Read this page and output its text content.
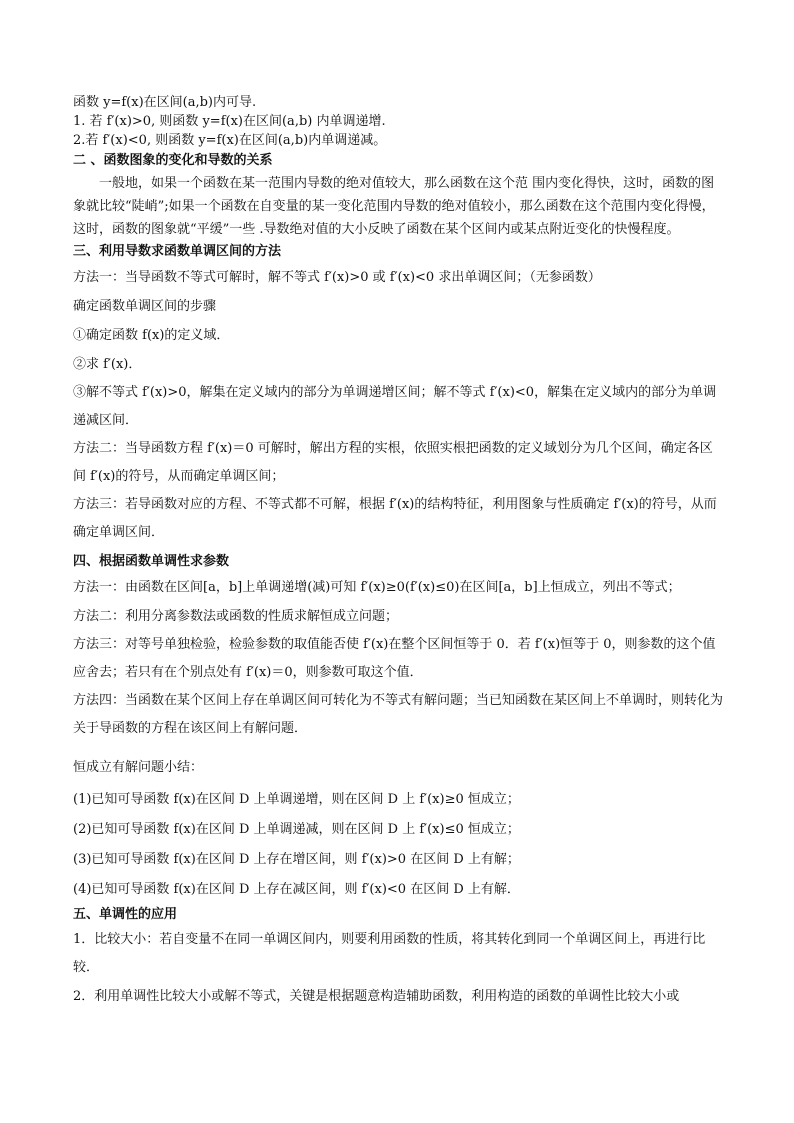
函数 y=f(x)在区间(a,b)内可导.

1. 若 f′(x)>0, 则函数 y=f(x)在区间(a,b) 内单调递增.

2.若 f′(x)<0, 则函数 y=f(x)在区间(a,b)内单调递减。

二 、函数图象的变化和导数的关系

一般地，如果一个函数在某一范围内导数的绝对值较大，那么函数在这个范 围内变化得快，这时，函数的图象就比较“陡峭”;如果一个函数在自变量的某一变化范围内导数的绝对值较小，那么函数在这个范围内变化得慢，这时，函数的图象就“平缓”一些 .导数绝对值的大小反映了函数在某个区间内或某点附近变化的快慢程度。

三、利用导数求函数单调区间的方法

方法一：当导函数不等式可解时，解不等式 f′(x)>0 或 f′(x)<0 求出单调区间；（无参函数）

确定函数单调区间的步骤

①确定函数 f(x)的定义域．

②求 f′(x)．

③解不等式 f′(x)>0，解集在定义域内的部分为单调递增区间；解不等式 f′(x)<0，解集在定义域内的部分为单调递减区间．

方法二：当导函数方程 f′(x)＝0 可解时，解出方程的实根，依照实根把函数的定义域划分为几个区间，确定各区间 f′(x)的符号，从而确定单调区间；

方法三：若导函数对应的方程、不等式都不可解，根据 f′(x)的结构特征，利用图象与性质确定 f′(x)的符号，从而确定单调区间．

四、根据函数单调性求参数

方法一：由函数在区间[a，b]上单调递增(减)可知 f′(x)≥0(f′(x)≤0)在区间[a，b]上恒成立，列出不等式；

方法二：利用分离参数法或函数的性质求解恒成立问题；

方法三：对等号单独检验，检验参数的取值能否使 f′(x)在整个区间恒等于 0．若 f′(x)恒等于 0，则参数的这个值应舍去；若只有在个别点处有 f′(x)＝0，则参数可取这个值．

方法四：当函数在某个区间上存在单调区间可转化为不等式有解问题；当已知函数在某区间上不单调时，则转化为关于导函数的方程在该区间上有解问题．

恒成立有解问题小结：

(1)已知可导函数 f(x)在区间 D 上单调递增，则在区间 D 上 f′(x)≥0 恒成立；

(2)已知可导函数 f(x)在区间 D 上单调递减，则在区间 D 上 f′(x)≤0 恒成立；

(3)已知可导函数 f(x)在区间 D 上存在增区间，则 f′(x)>0 在区间 D 上有解；

(4)已知可导函数 f(x)在区间 D 上存在减区间，则 f′(x)<0 在区间 D 上有解．

五、单调性的应用

1．比较大小：若自变量不在同一单调区间内，则要利用函数的性质，将其转化到同一个单调区间上，再进行比较．

2．利用单调性比较大小或解不等式，关键是根据题意构造辅助函数，利用构造的函数的单调性比较大小或
